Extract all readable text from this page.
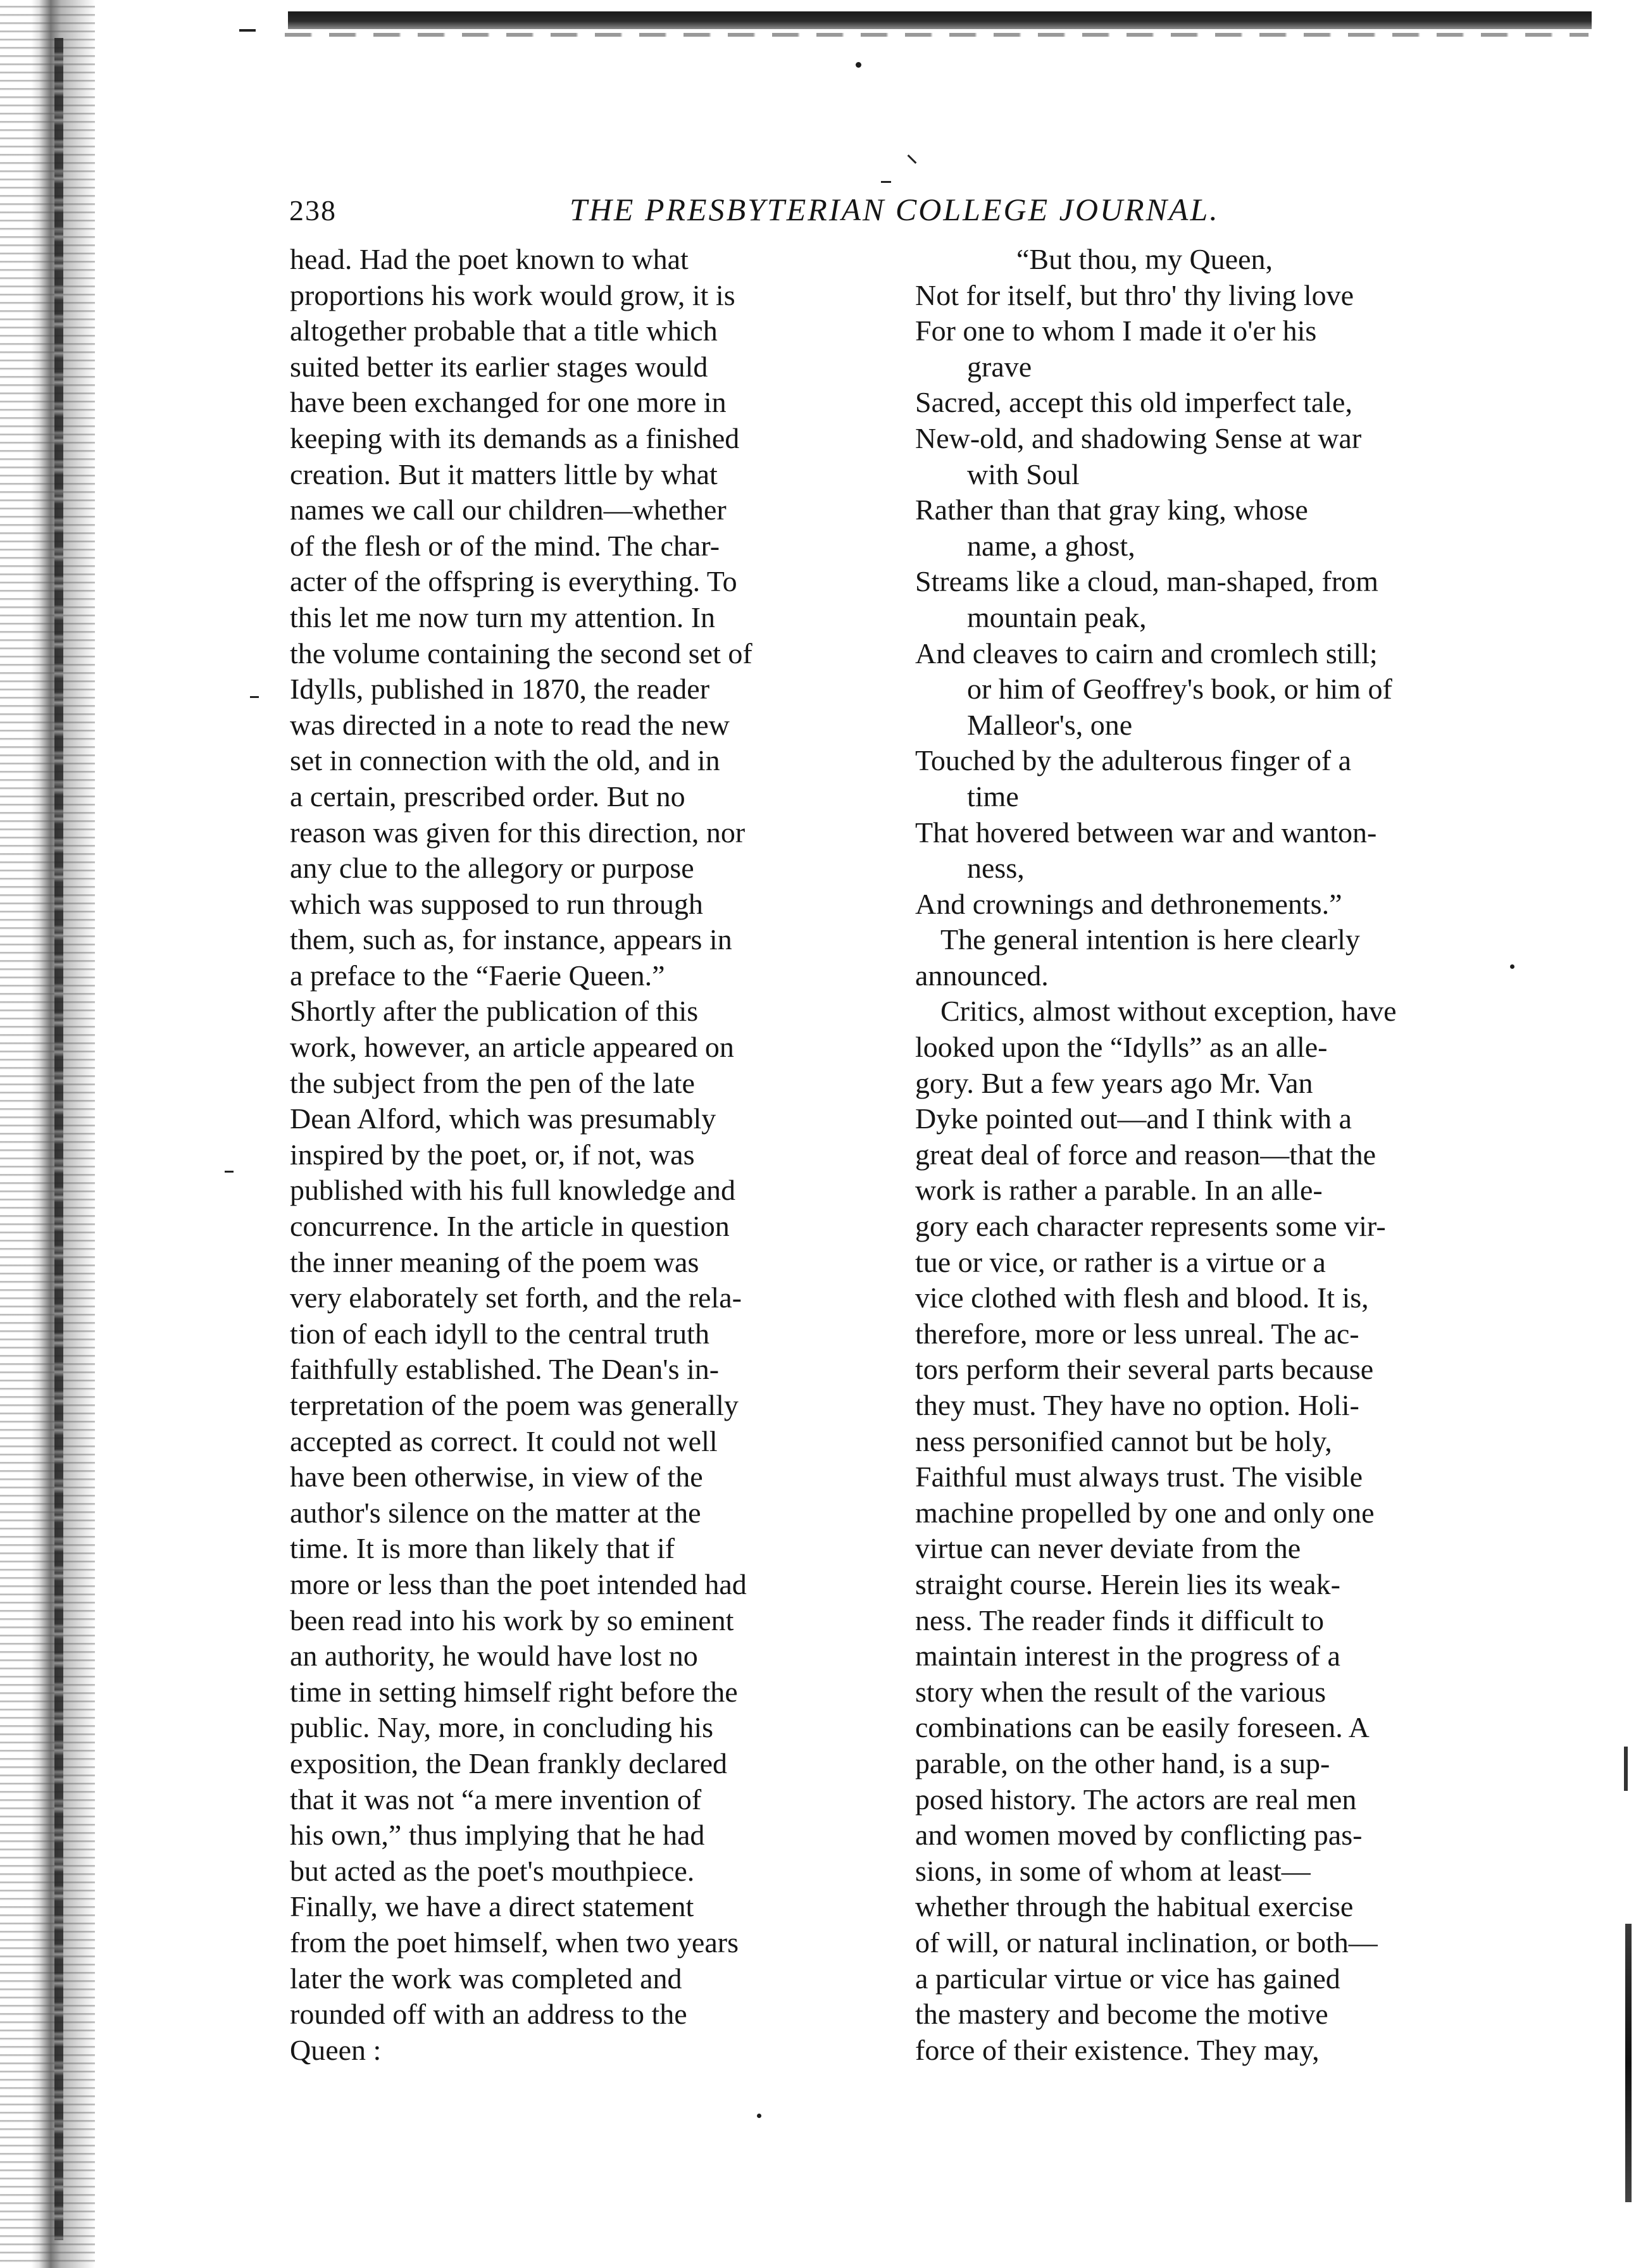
238	THE PRESBYTERIAN COLLEGE JOURNAL.
head. Had the poet known to what
proportions his work would grow, it is
altogether probable that a title which
suited better its earlier stages would
have been exchanged for one more in
keeping with its demands as a finished
creation. But it matters little by what
names we call our children—whether
of the flesh or of the mind. The char-
acter of the offspring is everything. To
this let me now turn my attention. In
the volume containing the second set of
Idylls, published in 1870, the reader
was directed in a note to read the new
set in connection with the old, and in
a certain, prescribed order. But no
reason was given for this direction, nor
any clue to the allegory or purpose
which was supposed to run through
them, such as, for instance, appears in
a preface to the “Faerie Queen.”
Shortly after the publication of this
work, however, an article appeared on
the subject from the pen of the late
Dean Alford, which was presumably
inspired by the poet, or, if not, was
published with his full knowledge and
concurrence. In the article in question
the inner meaning of the poem was
very elaborately set forth, and the rela-
tion of each idyll to the central truth
faithfully established. The Dean's in-
terpretation of the poem was generally
accepted as correct. It could not well
have been otherwise, in view of the
author's silence on the matter at the
time. It is more than likely that if
more or less than the poet intended had
been read into his work by so eminent
an authority, he would have lost no
time in setting himself right before the
public. Nay, more, in concluding his
exposition, the Dean frankly declared
that it was not “a mere invention of
his own,” thus implying that he had
but acted as the poet's mouthpiece.
Finally, we have a direct statement
from the poet himself, when two years
later the work was completed and
rounded off with an address to the
Queen :
“But thou, my Queen,
Not for itself, but thro' thy living love
For one to whom I made it o'er his
grave
Sacred, accept this old imperfect tale,
New-old, and shadowing Sense at war
with Soul
Rather than that gray king, whose
name, a ghost,
Streams like a cloud, man-shaped, from
mountain peak,
And cleaves to cairn and cromlech still;
or him of Geoffrey's book, or him of
Malleor's, one
Touched by the adulterous finger of a
time
That hovered between war and wanton-
ness,
And crownings and dethronements.”
The general intention is here clearly
announced.
Critics, almost without exception, have
looked upon the “Idylls” as an alle-
gory. But a few years ago Mr. Van
Dyke pointed out—and I think with a
great deal of force and reason—that the
work is rather a parable. In an alle-
gory each character represents some vir-
tue or vice, or rather is a virtue or a
vice clothed with flesh and blood. It is,
therefore, more or less unreal. The ac-
tors perform their several parts because
they must. They have no option. Holi-
ness personified cannot but be holy,
Faithful must always trust. The visible
machine propelled by one and only one
virtue can never deviate from the
straight course. Herein lies its weak-
ness. The reader finds it difficult to
maintain interest in the progress of a
story when the result of the various
combinations can be easily foreseen. A
parable, on the other hand, is a sup-
posed history. The actors are real men
and women moved by conflicting pas-
sions, in some of whom at least—
whether through the habitual exercise
of will, or natural inclination, or both—
a particular virtue or vice has gained
the mastery and become the motive
force of their existence. They may,
